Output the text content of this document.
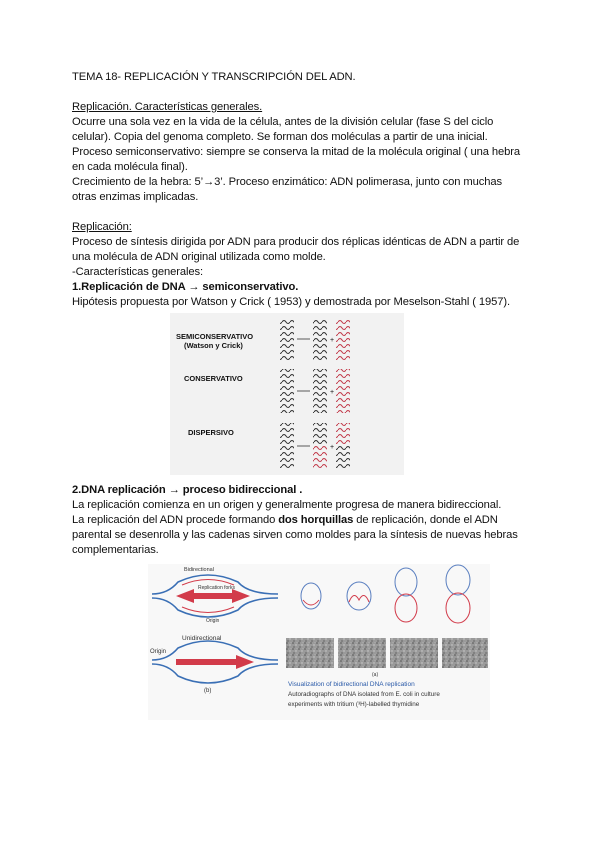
TEMA 18- REPLICACIÓN Y TRANSCRIPCIÓN DEL ADN.
Replicación. Características generales.
Ocurre una sola vez en la vida de la célula, antes de la división celular (fase S del ciclo
celular). Copia del genoma completo. Se forman dos moléculas a partir de una inicial.
Proceso semiconservativo: siempre se conserva la mitad de la molécula original ( una hebra
en cada molécula final).
Crecimiento de la hebra: 5’→3’. Proceso enzimático: ADN polimerasa, junto con muchas
otras enzimas implicadas.
Replicación:
Proceso de síntesis dirigida por ADN para producir dos réplicas idénticas de ADN a partir de
una molécula de ADN original utilizada como molde.
-Características generales:
1.Replicación de DNA → semiconservativo.
Hipótesis propuesta por Watson y Crick ( 1953) y demostrada por Meselson-Stahl ( 1957).
SEMICONSERVATIVO
(Watson y Crick)
CONSERVATIVO
DISPERSIVO
+
+
+
2.DNA replicación → proceso bidireccional .
La replicación comienza en un origen y generalmente progresa de manera bidireccional.
La replicación del ADN procede formando dos horquillas de replicación, donde el ADN
parental se desenrolla y las cadenas sirven como moldes para la síntesis de nuevas hebras
complementarias.
Bidirectional
Replication forks
Origin
Unidirectional
Origin
(b)
(a)
Visualization of bidirectional DNA replication
Autoradiographs of DNA isolated from E. coli in culture
experiments with tritium (³H)-labelled thymidine
